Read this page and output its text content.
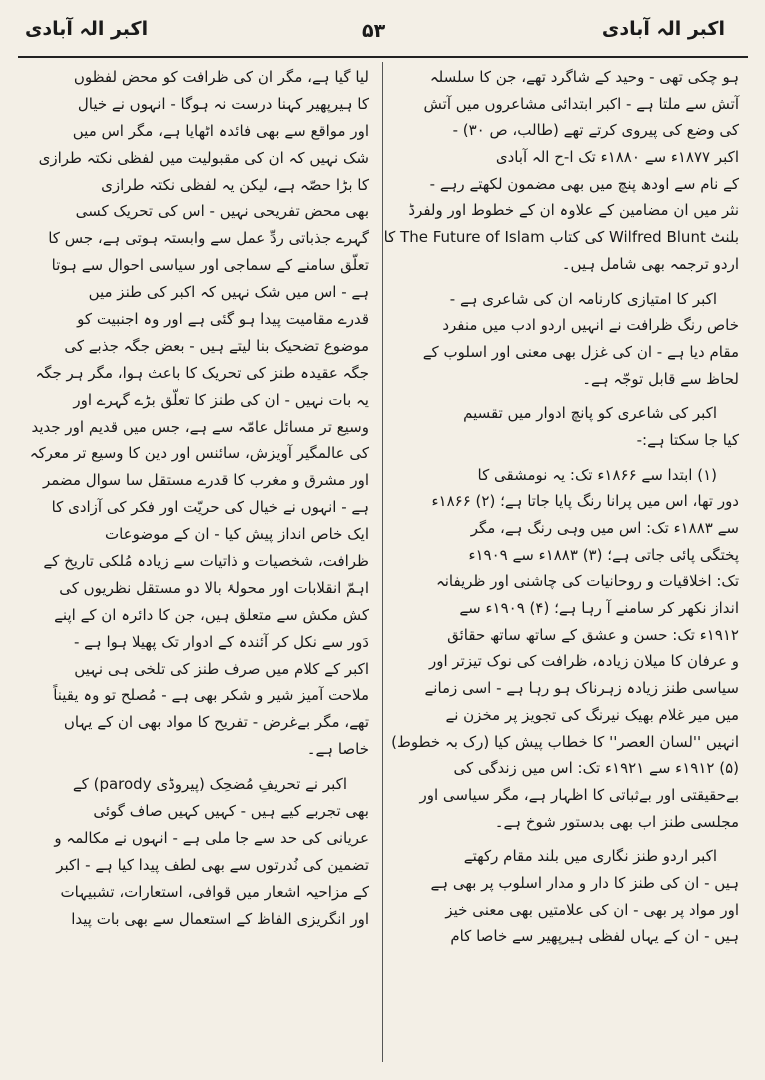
اکبر الہ آبادی
۵۳
اکبر الہ آبادی
ہو چکی تھی - وحید کے شاگرد تھے، جن کا سلسلہ
آتش سے ملتا ہے - اکبر ابتدائی مشاعروں میں آتش
کی وضع کی پیروی کرتے تھے (طالب، ص ۳۰) -
اکبر ۱۸۷۷ء سے ۱۸۸۰ء تک ا-ح الہ آبادی
کے نام سے اودھ پنچ میں بھی مضمون لکھتے رہے -
نثر میں ان مضامین کے علاوہ ان کے خطوط اور ولفرڈ
بلنٹ Wilfred Blunt کی کتاب The Future of Islam کا
اردو ترجمہ بھی شامل ہیں۔
اکبر کا امتیازی کارنامہ ان کی شاعری ہے -
خاص رنگ ظرافت نے انہیں اردو ادب میں منفرد
مقام دیا ہے - ان کی غزل بھی معنی اور اسلوب کے
لحاظ سے قابل توجّہ ہے۔
اکبر کی شاعری کو پانچ ادوار میں تقسیم
کیا جا سکتا ہے:-
(۱) ابتدا سے ۱۸۶۶ء تک: یہ نومشقی کا
دور تھا، اس میں پرانا رنگ پایا جاتا ہے؛ (۲) ۱۸۶۶ء
سے ۱۸۸۳ء تک: اس میں وہی رنگ ہے، مگر
پختگی پائی جاتی ہے؛ (۳) ۱۸۸۳ء سے ۱۹۰۹ء
تک: اخلاقیات و روحانیات کی چاشنی اور ظریفانہ
انداز نکھر کر سامنے آ رہا ہے؛ (۴) ۱۹۰۹ء سے
۱۹۱۲ء تک: حسن و عشق کے ساتھ ساتھ حقائق
و عرفان کا میلان زیادہ، ظرافت کی نوک تیزتر اور
سیاسی طنز زیادہ زہرناک ہو رہا ہے - اسی زمانے
میں میر غلام بھیک نیرنگ کی تجویز پر مخزن نے
انہیں ''لسان العصر'' کا خطاب پیش کیا (رک بہ خطوط)
(۵) ۱۹۱۲ء سے ۱۹۲۱ء تک: اس میں زندگی کی
بےحقیقتی اور بےثباتی کا اظہار ہے، مگر سیاسی اور
مجلسی طنز اب بھی بدستور شوخ ہے۔
اکبر اردو طنز نگاری میں بلند مقام رکھتے
ہیں - ان کی طنز کا دار و مدار اسلوب پر بھی ہے
اور مواد پر بھی - ان کی علامتیں بھی معنی خیز
ہیں - ان کے یہاں لفظی ہیرپھیر سے خاصا کام
لیا گیا ہے، مگر ان کی ظرافت کو محض لفظوں
کا ہیرپھیر کہنا درست نہ ہوگا - انہوں نے خیال
اور مواقع سے بھی فائدہ اٹھایا ہے، مگر اس میں
شک نہیں کہ ان کی مقبولیت میں لفظی نکتہ طرازی
کا بڑا حصّہ ہے، لیکن یہ لفظی نکتہ طرازی
بھی محض تفریحی نہیں - اس کی تحریک کسی
گہرے جذباتی ردِّ عمل سے وابستہ ہوتی ہے، جس کا
تعلّق سامنے کے سماجی اور سیاسی احوال سے ہوتا
ہے - اس میں شک نہیں کہ اکبر کی طنز میں
قدرے مقامیت پیدا ہو گئی ہے اور وہ اجنبیت کو
موضوع تضحیک بنا لیتے ہیں - بعض جگہ جذبے کی
جگہ عقیدہ طنز کی تحریک کا باعث ہوا، مگر ہر جگہ
یہ بات نہیں - ان کی طنز کا تعلّق بڑے گہرے اور
وسیع تر مسائل عامّہ سے ہے، جس میں قدیم اور جدید
کی عالمگیر آویزش، سائنس اور دین کا وسیع تر معرکہ
اور مشرق و مغرب کا قدرے مستقل سا سوال مضمر
ہے - انہوں نے خیال کی حریّت اور فکر کی آزادی کا
ایک خاص انداز پیش کیا - ان کے موضوعات
ظرافت، شخصیات و ذاتیات سے زیادہ مُلکی تاریخ کے
اہمّ انقلابات اور محولۂ بالا دو مستقل نظریوں کی
کش مکش سے متعلق ہیں، جن کا دائرہ ان کے اپنے
دَور سے نکل کر آئندہ کے ادوار تک پھیلا ہوا ہے -
اکبر کے کلام میں صرف طنز کی تلخی ہی نہیں
ملاحت آمیز شیر و شکر بھی ہے - مُصلح تو وہ یقیناً
تھے، مگر بےغرض - تفریح کا مواد بھی ان کے یہاں
خاصا ہے۔
اکبر نے تحریفِ مُضحِک (پیروڈی parody) کے
بھی تجربے کیے ہیں - کہیں کہیں صاف گوئی
عریانی کی حد سے جا ملی ہے - انہوں نے مکالمہ و
تضمین کی نُدرتوں سے بھی لطف پیدا کیا ہے - اکبر
کے مزاحیہ اشعار میں قوافی، استعارات، تشبیہات
اور انگریزی الفاظ کے استعمال سے بھی بات پیدا
